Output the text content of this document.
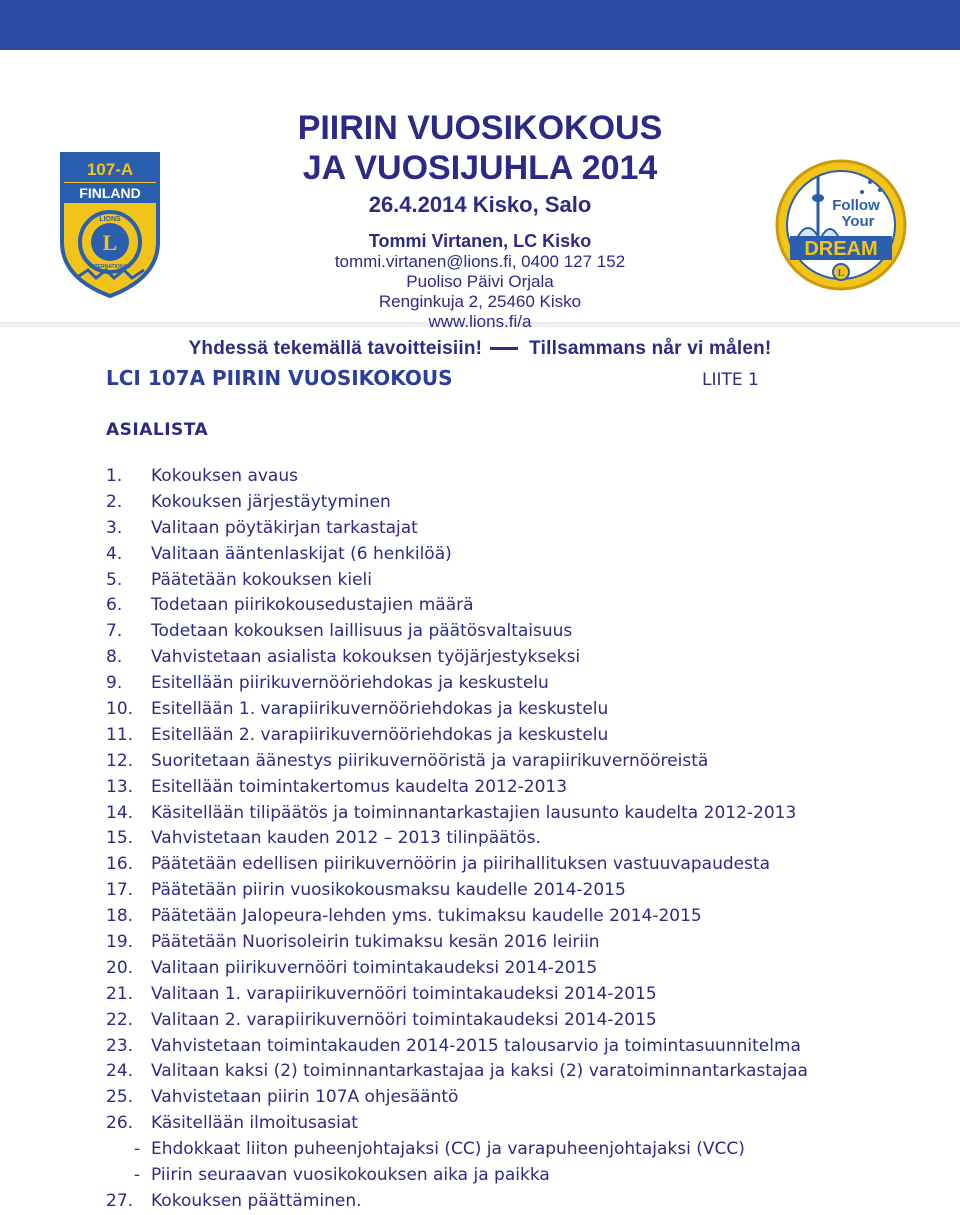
107-A
FINLAND
LIONS
INTERNATIONAL
L
PIIRIN VUOSIKOKOUS
JA VUOSIJUHLA 2014
26.4.2014 Kisko, Salo
Tommi Virtanen, LC Kisko
tommi.virtanen@lions.fi, 0400 127 152
Puoliso Päivi Orjala
Renginkuja 2, 25460 Kisko
www.lions.fi/a
Yhdessä tekemällä tavoitteisiin! Tillsammans når vi målen!
Follow
Your
DREAM
L
LCI 107A PIIRIN VUOSIKOKOUS	LIITE 1
ASIALISTA
1. Kokouksen avaus
2. Kokouksen järjestäytyminen
3. Valitaan pöytäkirjan tarkastajat
4. Valitaan ääntenlaskijat (6 henkilöä)
5. Päätetään kokouksen kieli
6. Todetaan piirikokousedustajien määrä
7. Todetaan kokouksen laillisuus ja päätösvaltaisuus
8. Vahvistetaan asialista kokouksen työjärjestykseksi
9. Esitellään piirikuvernööriehdokas ja keskustelu
10. Esitellään 1. varapiirikuvernööriehdokas ja keskustelu
11. Esitellään 2. varapiirikuvernööriehdokas ja keskustelu
12. Suoritetaan äänestys piirikuvernööristä ja varapiirikuvernööreistä
13. Esitellään toimintakertomus kaudelta 2012-2013
14. Käsitellään tilipäätös ja toiminnantarkastajien lausunto kaudelta 2012-2013
15. Vahvistetaan kauden 2012 – 2013 tilinpäätös.
16. Päätetään edellisen piirikuvernöörin ja piirihallituksen vastuuvapaudesta
17. Päätetään piirin vuosikokousmaksu kaudelle 2014-2015
18. Päätetään Jalopeura-lehden yms. tukimaksu kaudelle 2014-2015
19. Päätetään Nuorisoleirin tukimaksu kesän 2016 leiriin
20. Valitaan piirikuvernööri toimintakaudeksi 2014-2015
21. Valitaan 1. varapiirikuvernööri toimintakaudeksi 2014-2015
22. Valitaan 2. varapiirikuvernööri toimintakaudeksi 2014-2015
23. Vahvistetaan toimintakauden 2014-2015 talousarvio ja toimintasuunnitelma
24. Valitaan kaksi (2) toiminnantarkastajaa ja kaksi (2) varatoiminnantarkastajaa
25. Vahvistetaan piirin 107A ohjesääntö
26. Käsitellään ilmoitusasiat
- Ehdokkaat liiton puheenjohtajaksi (CC) ja varapuheenjohtajaksi (VCC)
- Piirin seuraavan vuosikokouksen aika ja paikka
27. Kokouksen päättäminen.
